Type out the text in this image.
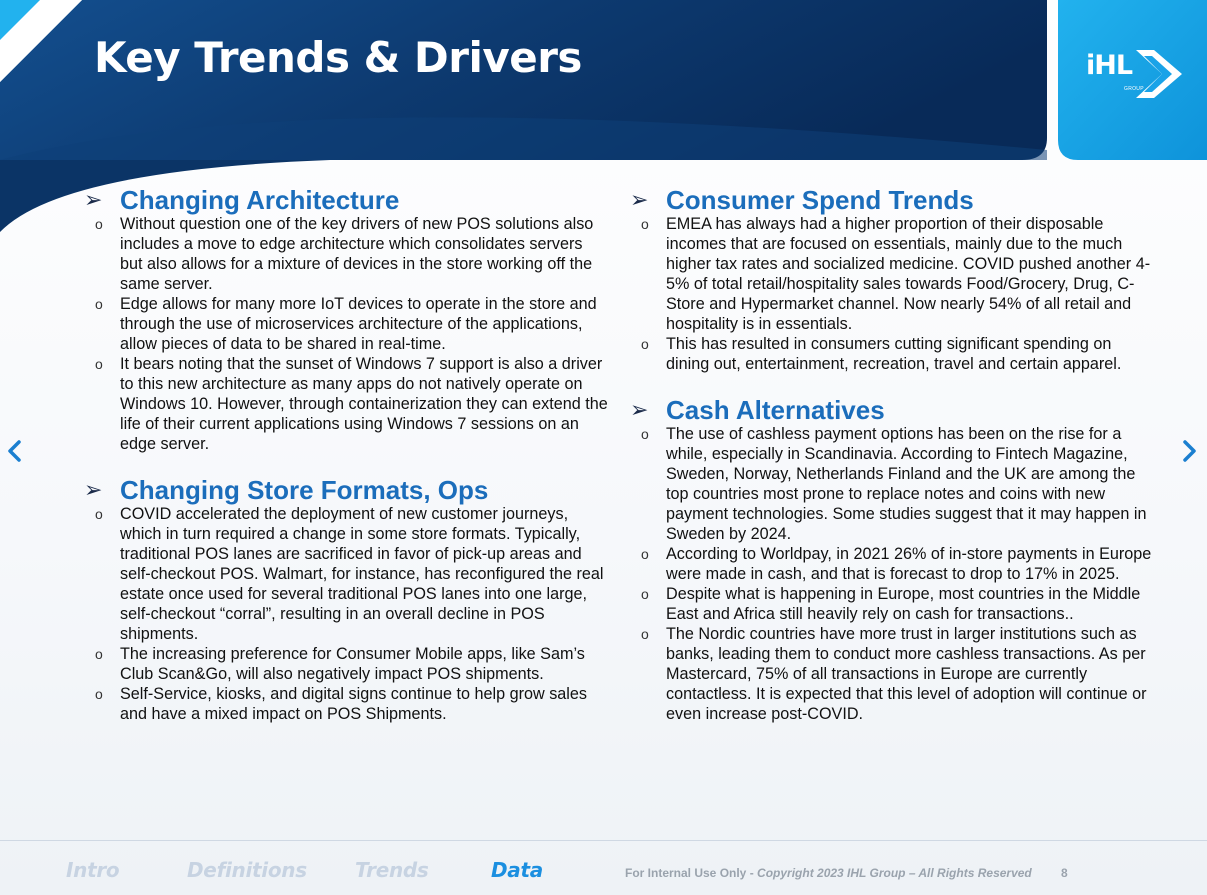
Key Trends & Drivers	iHL
GROUP
➢ Changing Architecture
o Without question one of the key drivers of new POS solutions also includes a move to edge architecture which consolidates servers but also allows for a mixture of devices in the store working off the same server.
o Edge allows for many more IoT devices to operate in the store and through the use of microservices architecture of the applications, allow pieces of data to be shared in real-time.
o It bears noting that the sunset of Windows 7 support is also a driver to this new architecture as many apps do not natively operate on Windows 10. However, through containerization they can extend the life of their current applications using Windows 7 sessions on an edge server.
➢ Changing Store Formats, Ops
o COVID accelerated the deployment of new customer journeys, which in turn required a change in some store formats. Typically, traditional POS lanes are sacrificed in favor of pick-up areas and self-checkout POS. Walmart, for instance, has reconfigured the real estate once used for several traditional POS lanes into one large, self-checkout “corral”, resulting in an overall decline in POS shipments.
o The increasing preference for Consumer Mobile apps, like Sam’s Club Scan&Go, will also negatively impact POS shipments.
o Self-Service, kiosks, and digital signs continue to help grow sales and have a mixed impact on POS Shipments.
➢ Consumer Spend Trends
o EMEA has always had a higher proportion of their disposable incomes that are focused on essentials, mainly due to the much higher tax rates and socialized medicine. COVID pushed another 4-5% of total retail/hospitality sales towards Food/Grocery, Drug, C-Store and Hypermarket channel. Now nearly 54% of all retail and hospitality is in essentials.
o This has resulted in consumers cutting significant spending on dining out, entertainment, recreation, travel and certain apparel.
➢ Cash Alternatives
o The use of cashless payment options has been on the rise for a while, especially in Scandinavia. According to Fintech Magazine, Sweden, Norway, Netherlands Finland and the UK are among the top countries most prone to replace notes and coins with new payment technologies. Some studies suggest that it may happen in Sweden by 2024.
o According to Worldpay, in 2021 26% of in-store payments in Europe were made in cash, and that is forecast to drop to 17% in 2025.
o Despite what is happening in Europe, most countries in the Middle East and Africa still heavily rely on cash for transactions..
o The Nordic countries have more trust in larger institutions such as banks, leading them to conduct more cashless transactions. As per Mastercard, 75% of all transactions in Europe are currently contactless. It is expected that this level of adoption will continue or even increase post-COVID.
Intro	Definitions Trends	Data	For Internal Use Only - Copyright 2023 IHL Group – All Rights Reserved 8
